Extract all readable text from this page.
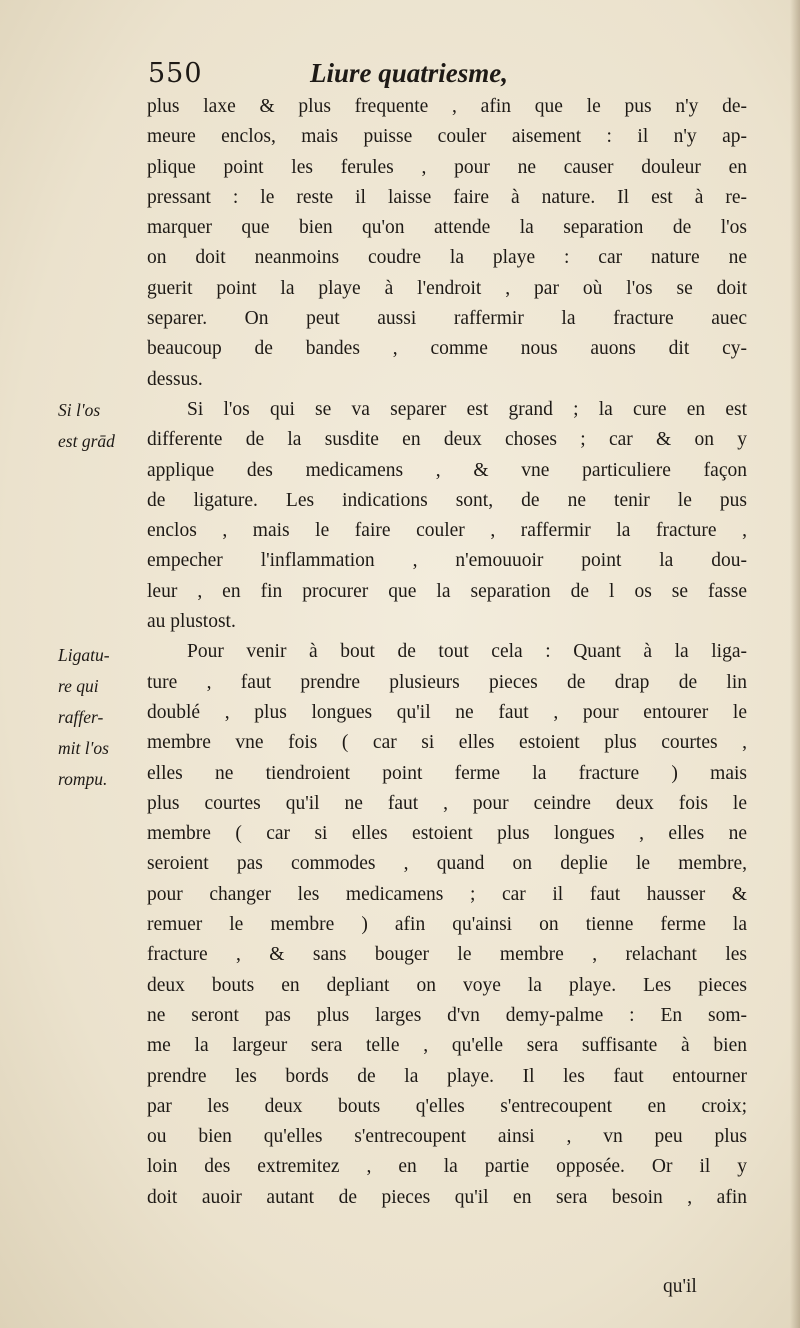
550	Liure quatriesme,
plus laxe & plus frequente , afin que le pus n'y de-
meure enclos, mais puisse couler aisement : il n'y ap-
plique point les ferules , pour ne causer douleur en
pressant : le reste il laisse faire à nature. Il est à re-
marquer que bien qu'on attende la separation de l'os
on doit neanmoins coudre la playe : car nature ne
guerit point la playe à l'endroit , par où l'os se doit
separer. On peut aussi raffermir la fracture auec
beaucoup de bandes , comme nous auons dit cy-
dessus.
Si l'os qui se va separer est grand ; la cure en est
differente de la susdite en deux choses ; car & on y
applique des medicamens , & vne particuliere façon
de ligature. Les indications sont, de ne tenir le pus
enclos , mais le faire couler , raffermir la fracture ,
empecher l'inflammation , n'emouuoir point la dou-
leur , en fin procurer que la separation de l os se fasse
au plustost.
Pour venir à bout de tout cela : Quant à la liga-
ture , faut prendre plusieurs pieces de drap de lin
doublé , plus longues qu'il ne faut , pour entourer le
membre vne fois ( car si elles estoient plus courtes ,
elles ne tiendroient point ferme la fracture ) mais
plus courtes qu'il ne faut , pour ceindre deux fois le
membre ( car si elles estoient plus longues , elles ne
seroient pas commodes , quand on deplie le membre,
pour changer les medicamens ; car il faut hausser &
remuer le membre ) afin qu'ainsi on tienne ferme la
fracture , & sans bouger le membre , relachant les
deux bouts en depliant on voye la playe. Les pieces
ne seront pas plus larges d'vn demy-palme : En som-
me la largeur sera telle , qu'elle sera suffisante à bien
prendre les bords de la playe. Il les faut entourner
par les deux bouts q'elles s'entrecoupent en croix;
ou bien qu'elles s'entrecoupent ainsi , vn peu plus
loin des extremitez , en la partie opposée. Or il y
doit auoir autant de pieces qu'il en sera besoin , afin
Si l'os
est grād
Ligatu-
re qui
raffer-
mit l'os
rompu.
qu'il
